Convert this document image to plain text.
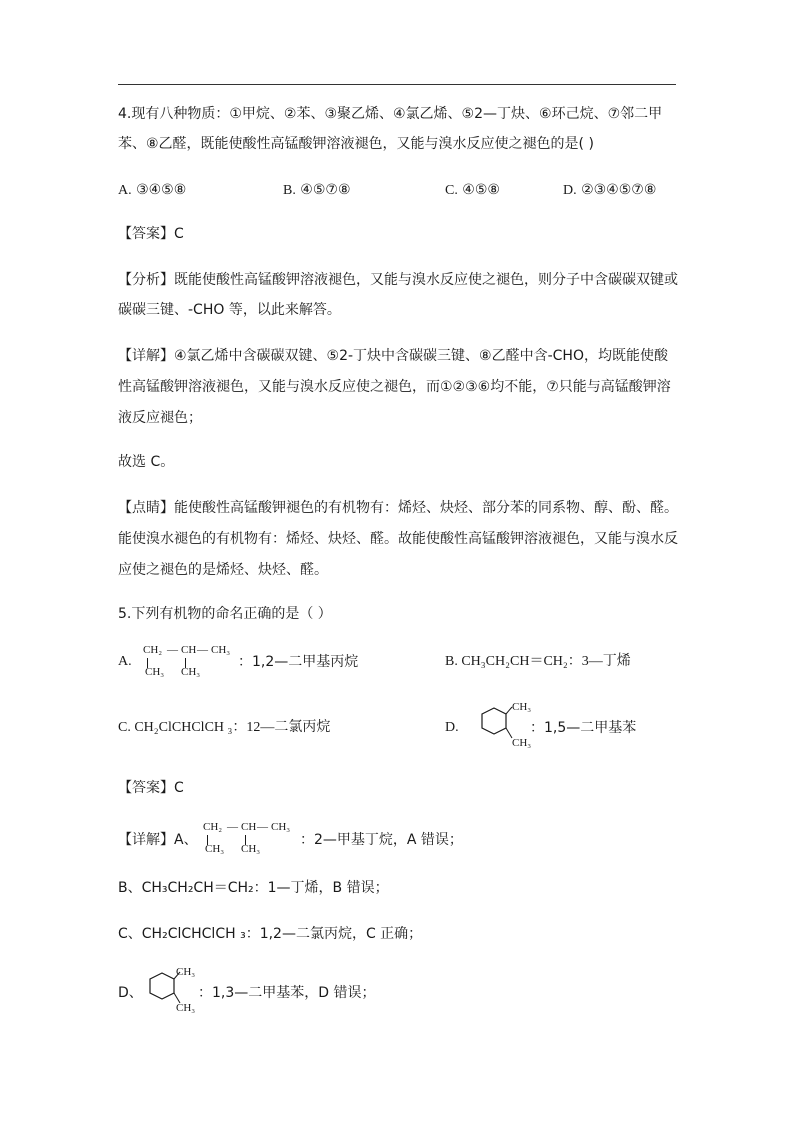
4.现有八种物质：①甲烷、②苯、③聚乙烯、④氯乙烯、⑤2—丁炔、⑥环己烷、⑦邻二甲
苯、⑧乙醛，既能使酸性高锰酸钾溶液褪色，又能与溴水反应使之褪色的是( )
A. ③④⑤⑧	B. ④⑤⑦⑧	C. ④⑤⑧	D. ②③④⑤⑦⑧
【答案】C
【分析】既能使酸性高锰酸钾溶液褪色，又能与溴水反应使之褪色，则分子中含碳碳双键或
碳碳三键、-CHO 等，以此来解答。
【详解】④氯乙烯中含碳碳双键、⑤2-丁炔中含碳碳三键、⑧乙醛中含-CHO，均既能使酸
性高锰酸钾溶液褪色，又能与溴水反应使之褪色，而①②③⑥均不能，⑦只能与高锰酸钾溶
液反应褪色；
故选 C。
【点睛】能使酸性高锰酸钾褪色的有机物有：烯烃、炔烃、部分苯的同系物、醇、酚、醛。
能使溴水褪色的有机物有：烯烃、炔烃、醛。故能使酸性高锰酸钾溶液褪色，又能与溴水反
应使之褪色的是烯烃、炔烃、醛。
5.下列有机物的命名正确的是（ ）
A.
CH₂ — CH — CH₃
CH₃ CH₃
：1,2—二甲基丙烷	B. CH₃CH₂CH＝CH₂：3—丁烯
C. CH₂ClCHClCH ₃：12—二氯丙烷	D.
CH₃
CH₃
：1,5—二甲基苯
【答案】C
【详解】A、
CH₂ — CH — CH₃
CH₃ CH₃
：2—甲基丁烷，A 错误；
B、CH₃CH₂CH＝CH₂：1—丁烯，B 错误；
C、CH₂ClCHClCH ₃：1,2—二氯丙烷，C 正确；
D、
CH₃
CH₃
：1,3—二甲基苯，D 错误；
